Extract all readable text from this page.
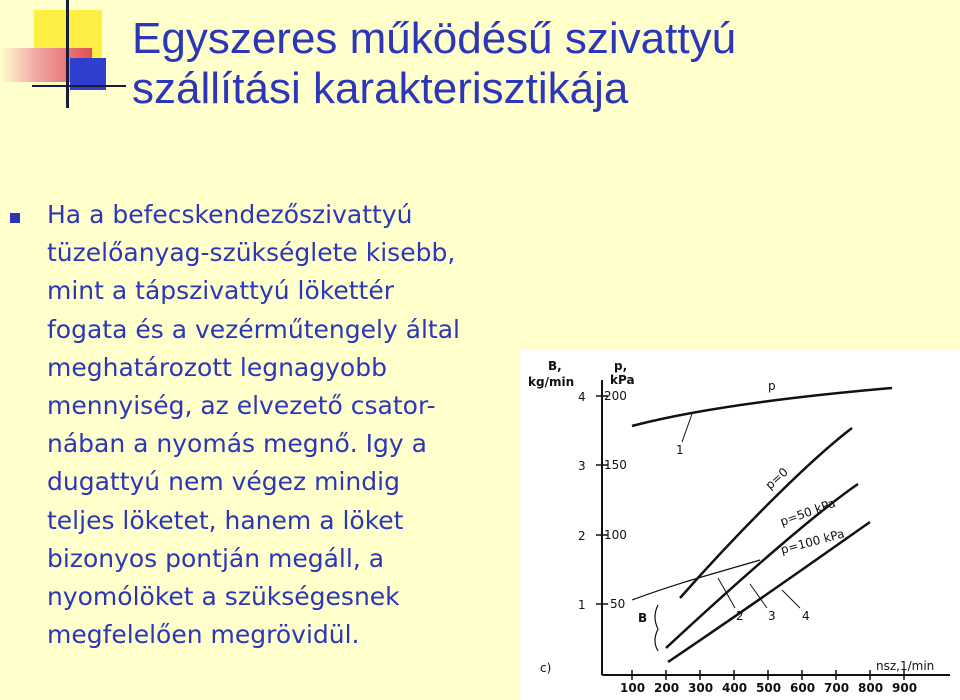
Egyszeres működésű szivattyú
szállítási karakterisztikája
Ha a befecskendezőszivattyú
tüzelőanyag-szükséglete kisebb,
mint a tápszivattyú lökettér
fogata és a vezérműtengely által
meghatározott legnagyobb
mennyiség, az elvezető csator-
nában a nyomás megnő. Igy a
dugattyú nem végez mindig
teljes löketet, hanem a löket
bizonyos pontján megáll, a
nyomólöket a szükségesnek
megfelelően megrövidül.
B,
kg/min
p,
kPa
4
3
2
1
200
150
100
50
100 200 300 400 500 600 700 800 900
nsz,1/min
p
p=0
p=50 kPa
p=100 kPa
B
1
2 3 4
c)
